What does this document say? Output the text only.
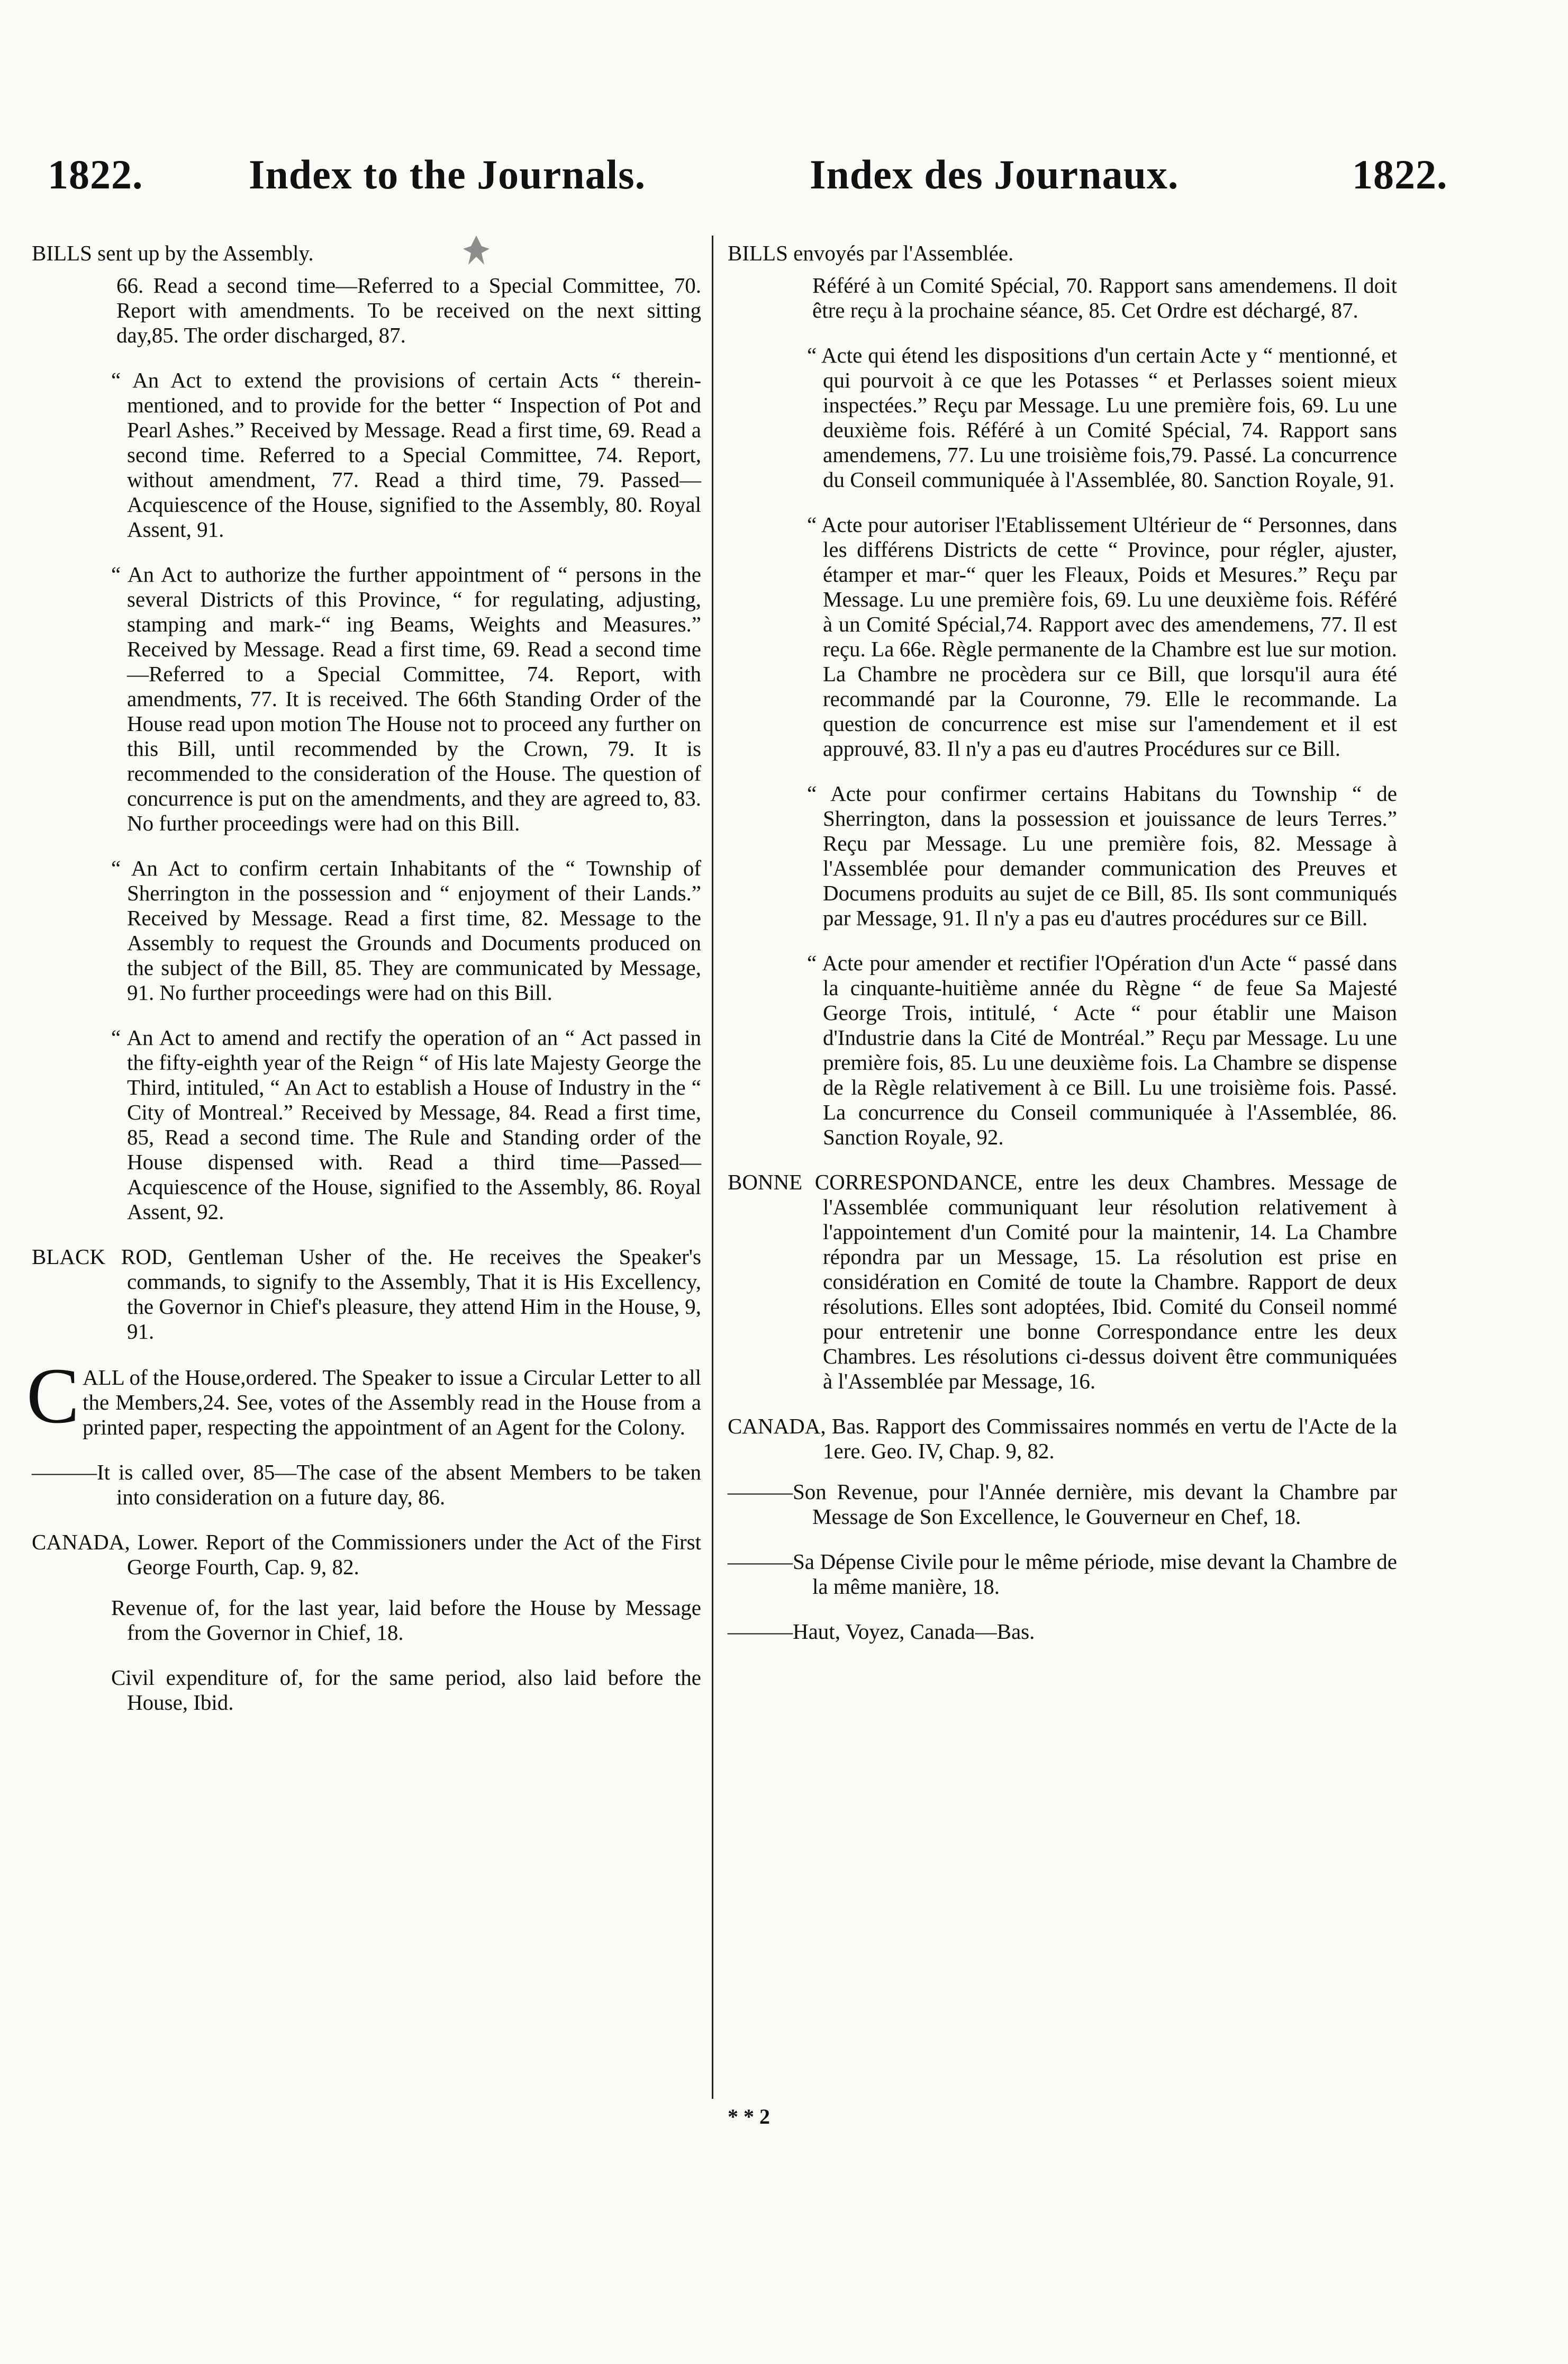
1822.	Index to the Journals.	Index des Journaux.	1822.
BILLS sent up by the Assembly.

66. Read a second time—Referred to a Special Committee, 70. Report with amendments. To be received on the next sitting day,85. The order discharged, 87.

“ An Act to extend the provisions of certain Acts “ therein-mentioned, and to provide for the better “ Inspection of Pot and Pearl Ashes.” Received by Message. Read a first time, 69. Read a second time. Referred to a Special Committee, 74. Report, without amendment, 77. Read a third time, 79. Passed—Acquiescence of the House, signified to the Assembly, 80. Royal Assent, 91.

“ An Act to authorize the further appointment of “ persons in the several Districts of this Province, “ for regulating, adjusting, stamping and mark-“ ing Beams, Weights and Measures.” Received by Message. Read a first time, 69. Read a second time—Referred to a Special Committee, 74. Report, with amendments, 77. It is received. The 66th Standing Order of the House read upon motion The House not to proceed any further on this Bill, until recommended by the Crown, 79. It is recommended to the consideration of the House. The question of concurrence is put on the amendments, and they are agreed to, 83. No further proceedings were had on this Bill.

“ An Act to confirm certain Inhabitants of the “ Township of Sherrington in the possession and “ enjoyment of their Lands.” Received by Message. Read a first time, 82. Message to the Assembly to request the Grounds and Documents produced on the subject of the Bill, 85. They are communicated by Message, 91. No further proceedings were had on this Bill.

“ An Act to amend and rectify the operation of an “ Act passed in the fifty-eighth year of the Reign “ of His late Majesty George the Third, intituled, “ An Act to establish a House of Industry in the “ City of Montreal.” Received by Message, 84. Read a first time, 85, Read a second time. The Rule and Standing order of the House dispensed with. Read a third time—Passed—Acquiescence of the House, signified to the Assembly, 86. Royal Assent, 92.

BLACK ROD, Gentleman Usher of the. He receives the Speaker's commands, to signify to the Assembly, That it is His Excellency, the Governor in Chief's pleasure, they attend Him in the House, 9, 91.

C ALL of the House,ordered. The Speaker to issue a Circular Letter to all the Members,24. See, votes of the Assembly read in the House from a printed paper, respecting the appointment of an Agent for the Colony.

———It is called over, 85—The case of the absent Members to be taken into consideration on a future day, 86.

CANADA, Lower. Report of the Commissioners under the Act of the First George Fourth, Cap. 9, 82.

Revenue of, for the last year, laid before the House by Message from the Governor in Chief, 18.

Civil expenditure of, for the same period, also laid before the House, Ibid.

BILLS envoyés par l'Assemblée.

Référé à un Comité Spécial, 70. Rapport sans amendemens. Il doit être reçu à la prochaine séance, 85. Cet Ordre est déchargé, 87.

“ Acte qui étend les dispositions d'un certain Acte y “ mentionné, et qui pourvoit à ce que les Potasses “ et Perlasses soient mieux inspectées.” Reçu par Message. Lu une première fois, 69. Lu une deuxième fois. Référé à un Comité Spécial, 74. Rapport sans amendemens, 77. Lu une troisième fois,79. Passé. La concurrence du Conseil communiquée à l'Assemblée, 80. Sanction Royale, 91.

“ Acte pour autoriser l'Etablissement Ultérieur de “ Personnes, dans les différens Districts de cette “ Province, pour régler, ajuster, étamper et mar-“ quer les Fleaux, Poids et Mesures.” Reçu par Message. Lu une première fois, 69. Lu une deuxième fois. Référé à un Comité Spécial,74. Rapport avec des amendemens, 77. Il est reçu. La 66e. Règle permanente de la Chambre est lue sur motion. La Chambre ne procèdera sur ce Bill, que lorsqu'il aura été recommandé par la Couronne, 79. Elle le recommande. La question de concurrence est mise sur l'amendement et il est approuvé, 83. Il n'y a pas eu d'autres Procédures sur ce Bill.

“ Acte pour confirmer certains Habitans du Township “ de Sherrington, dans la possession et jouissance de leurs Terres.” Reçu par Message. Lu une première fois, 82. Message à l'Assemblée pour demander communication des Preuves et Documens produits au sujet de ce Bill, 85. Ils sont communiqués par Message, 91. Il n'y a pas eu d'autres procédures sur ce Bill.

“ Acte pour amender et rectifier l'Opération d'un Acte “ passé dans la cinquante-huitième année du Règne “ de feue Sa Majesté George Trois, intitulé, ‘ Acte “ pour établir une Maison d'Industrie dans la Cité de Montréal.” Reçu par Message. Lu une première fois, 85. Lu une deuxième fois. La Chambre se dispense de la Règle relativement à ce Bill. Lu une troisième fois. Passé. La concurrence du Conseil communiquée à l'Assemblée, 86. Sanction Royale, 92.

BONNE CORRESPONDANCE, entre les deux Chambres. Message de l'Assemblée communiquant leur résolution relativement à l'appointement d'un Comité pour la maintenir, 14. La Chambre répondra par un Message, 15. La résolution est prise en considération en Comité de toute la Chambre. Rapport de deux résolutions. Elles sont adoptées, Ibid. Comité du Conseil nommé pour entretenir une bonne Correspondance entre les deux Chambres. Les résolutions ci-dessus doivent être communiquées à l'Assemblée par Message, 16.

CANADA, Bas. Rapport des Commissaires nommés en vertu de l'Acte de la 1ere. Geo. IV, Chap. 9, 82.

———Son Revenue, pour l'Année dernière, mis devant la Chambre par Message de Son Excellence, le Gouverneur en Chef, 18.

———Sa Dépense Civile pour le même période, mise devant la Chambre de la même manière, 18.

———Haut, Voyez, Canada—Bas.

* * 2
